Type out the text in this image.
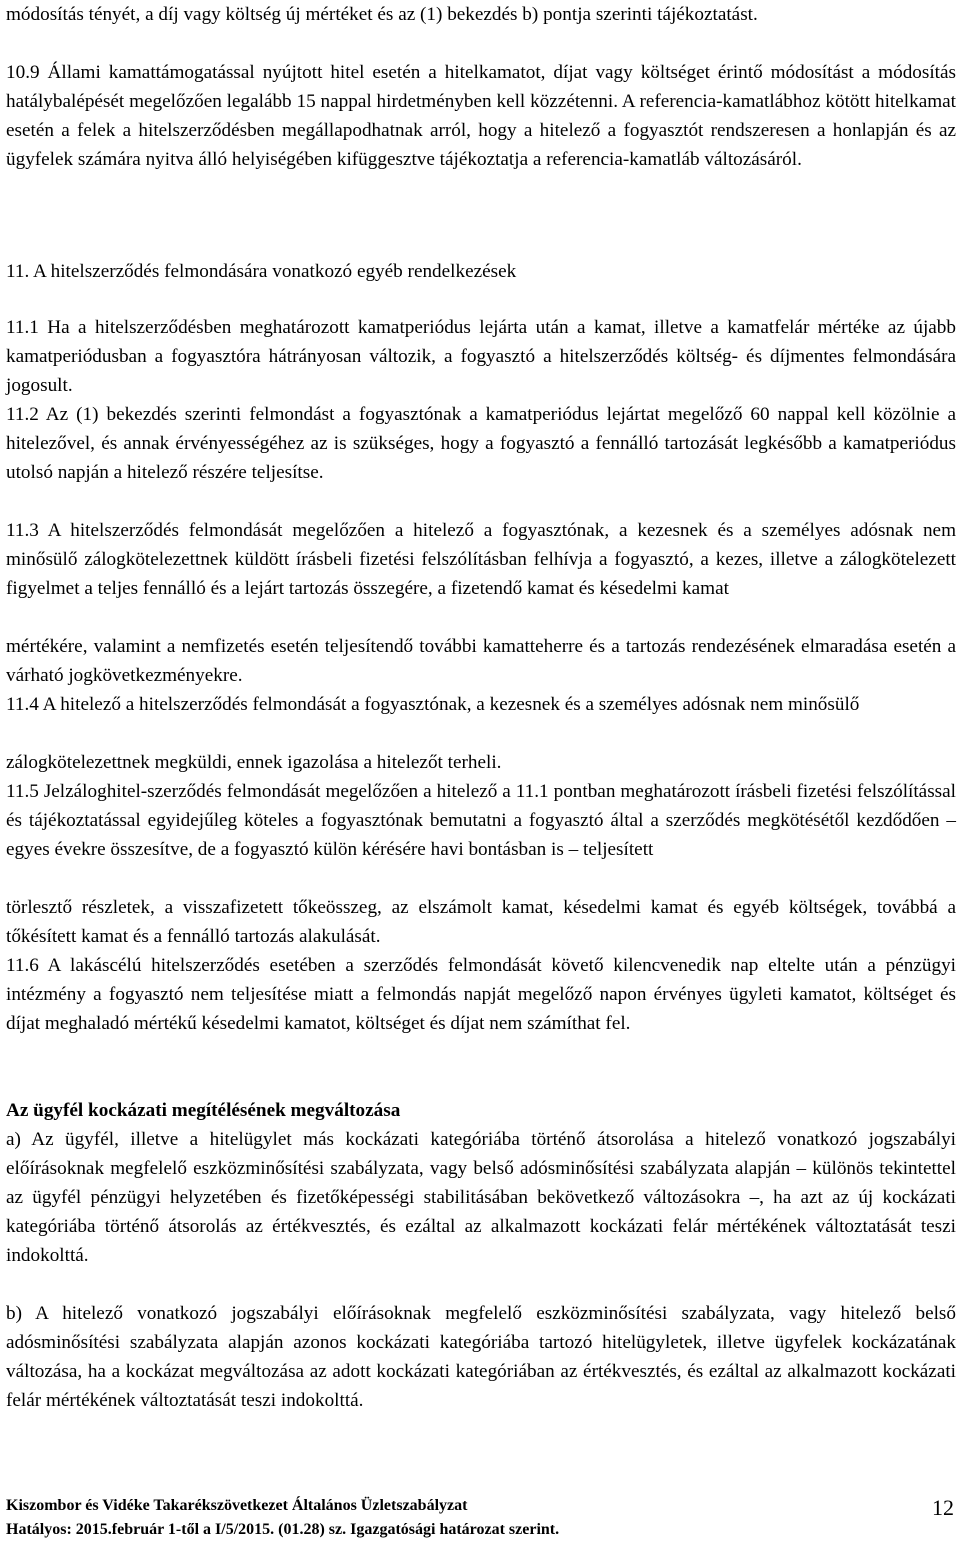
módosítás tényét, a díj vagy költség új mértéket és az (1) bekezdés b) pontja szerinti tájékoztatást.

10.9 Állami kamattámogatással nyújtott hitel esetén a hitelkamatot, díjat vagy költséget érintő módosítást a módosítás hatálybalépését megelőzően legalább 15 nappal hirdetményben kell közzétenni. A referencia-kamatlábhoz kötött hitelkamat esetén a felek a hitelszerződésben megállapodhatnak arról, hogy a hitelező a fogyasztót rendszeresen a honlapján és az ügyfelek számára nyitva álló helyiségében kifüggesztve tájékoztatja a referencia-kamatláb változásáról.

11. A hitelszerződés felmondására vonatkozó egyéb rendelkezések

11.1 Ha a hitelszerződésben meghatározott kamatperiódus lejárta után a kamat, illetve a kamatfelár mértéke az újabb kamatperiódusban a fogyasztóra hátrányosan változik, a fogyasztó a hitelszerződés költség- és díjmentes felmondására jogosult.

11.2 Az (1) bekezdés szerinti felmondást a fogyasztónak a kamatperiódus lejártat megelőző 60 nappal kell közölnie a hitelezővel, és annak érvényességéhez az is szükséges, hogy a fogyasztó a fennálló tartozását legkésőbb a kamatperiódus utolsó napján a hitelező részére teljesítse.

11.3 A hitelszerződés felmondását megelőzően a hitelező a fogyasztónak, a kezesnek és a személyes adósnak nem minősülő zálogkötelezettnek küldött írásbeli fizetési felszólításban felhívja a fogyasztó, a kezes, illetve a zálogkötelezett figyelmet a teljes fennálló és a lejárt tartozás összegére, a fizetendő kamat és késedelmi kamat

mértékére, valamint a nemfizetés esetén teljesítendő további kamatteherre és a tartozás rendezésének elmaradása esetén a várható jogkövetkezményekre.

11.4 A hitelező a hitelszerződés felmondását a fogyasztónak, a kezesnek és a személyes adósnak nem minősülő

zálogkötelezettnek megküldi, ennek igazolása a hitelezőt terheli.

11.5 Jelzáloghitel-szerződés felmondását megelőzően a hitelező a 11.1 pontban meghatározott írásbeli fizetési felszólítással és tájékoztatással egyidejűleg köteles a fogyasztónak bemutatni a fogyasztó által a szerződés megkötésétől kezdődően – egyes évekre összesítve, de a fogyasztó külön kérésére havi bontásban is – teljesített

törlesztő részletek, a visszafizetett tőkeösszeg, az elszámolt kamat, késedelmi kamat és egyéb költségek, továbbá a tőkésített kamat és a fennálló tartozás alakulását.

11.6 A lakáscélú hitelszerződés esetében a szerződés felmondását követő kilencvenedik nap eltelte után a pénzügyi intézmény a fogyasztó nem teljesítése miatt a felmondás napját megelőző napon érvényes ügyleti kamatot, költséget és díjat meghaladó mértékű késedelmi kamatot, költséget és díjat nem számíthat fel.

Az ügyfél kockázati megítélésének megváltozása

a) Az ügyfél, illetve a hitelügylet más kockázati kategóriába történő átsorolása a hitelező vonatkozó jogszabályi előírásoknak megfelelő eszközminősítési szabályzata, vagy belső adósminősítési szabályzata alapján – különös tekintettel az ügyfél pénzügyi helyzetében és fizetőképességi stabilitásában bekövetkező változásokra –, ha azt az új kockázati kategóriába történő átsorolás az értékvesztés, és ezáltal az alkalmazott kockázati felár mértékének változtatását teszi indokolttá.

b) A hitelező vonatkozó jogszabályi előírásoknak megfelelő eszközminősítési szabályzata, vagy hitelező belső adósminősítési szabályzata alapján azonos kockázati kategóriába tartozó hitelügyletek, illetve ügyfelek kockázatának változása, ha a kockázat megváltozása az adott kockázati kategóriában az értékvesztés, és ezáltal az alkalmazott kockázati felár mértékének változtatását teszi indokolttá.

Kiszombor és Vidéke Takarékszövetkezet Általános Üzletszabályzat
Hatályos: 2015.február 1-től a I/5/2015. (01.28) sz. Igazgatósági határozat szerint.
12
